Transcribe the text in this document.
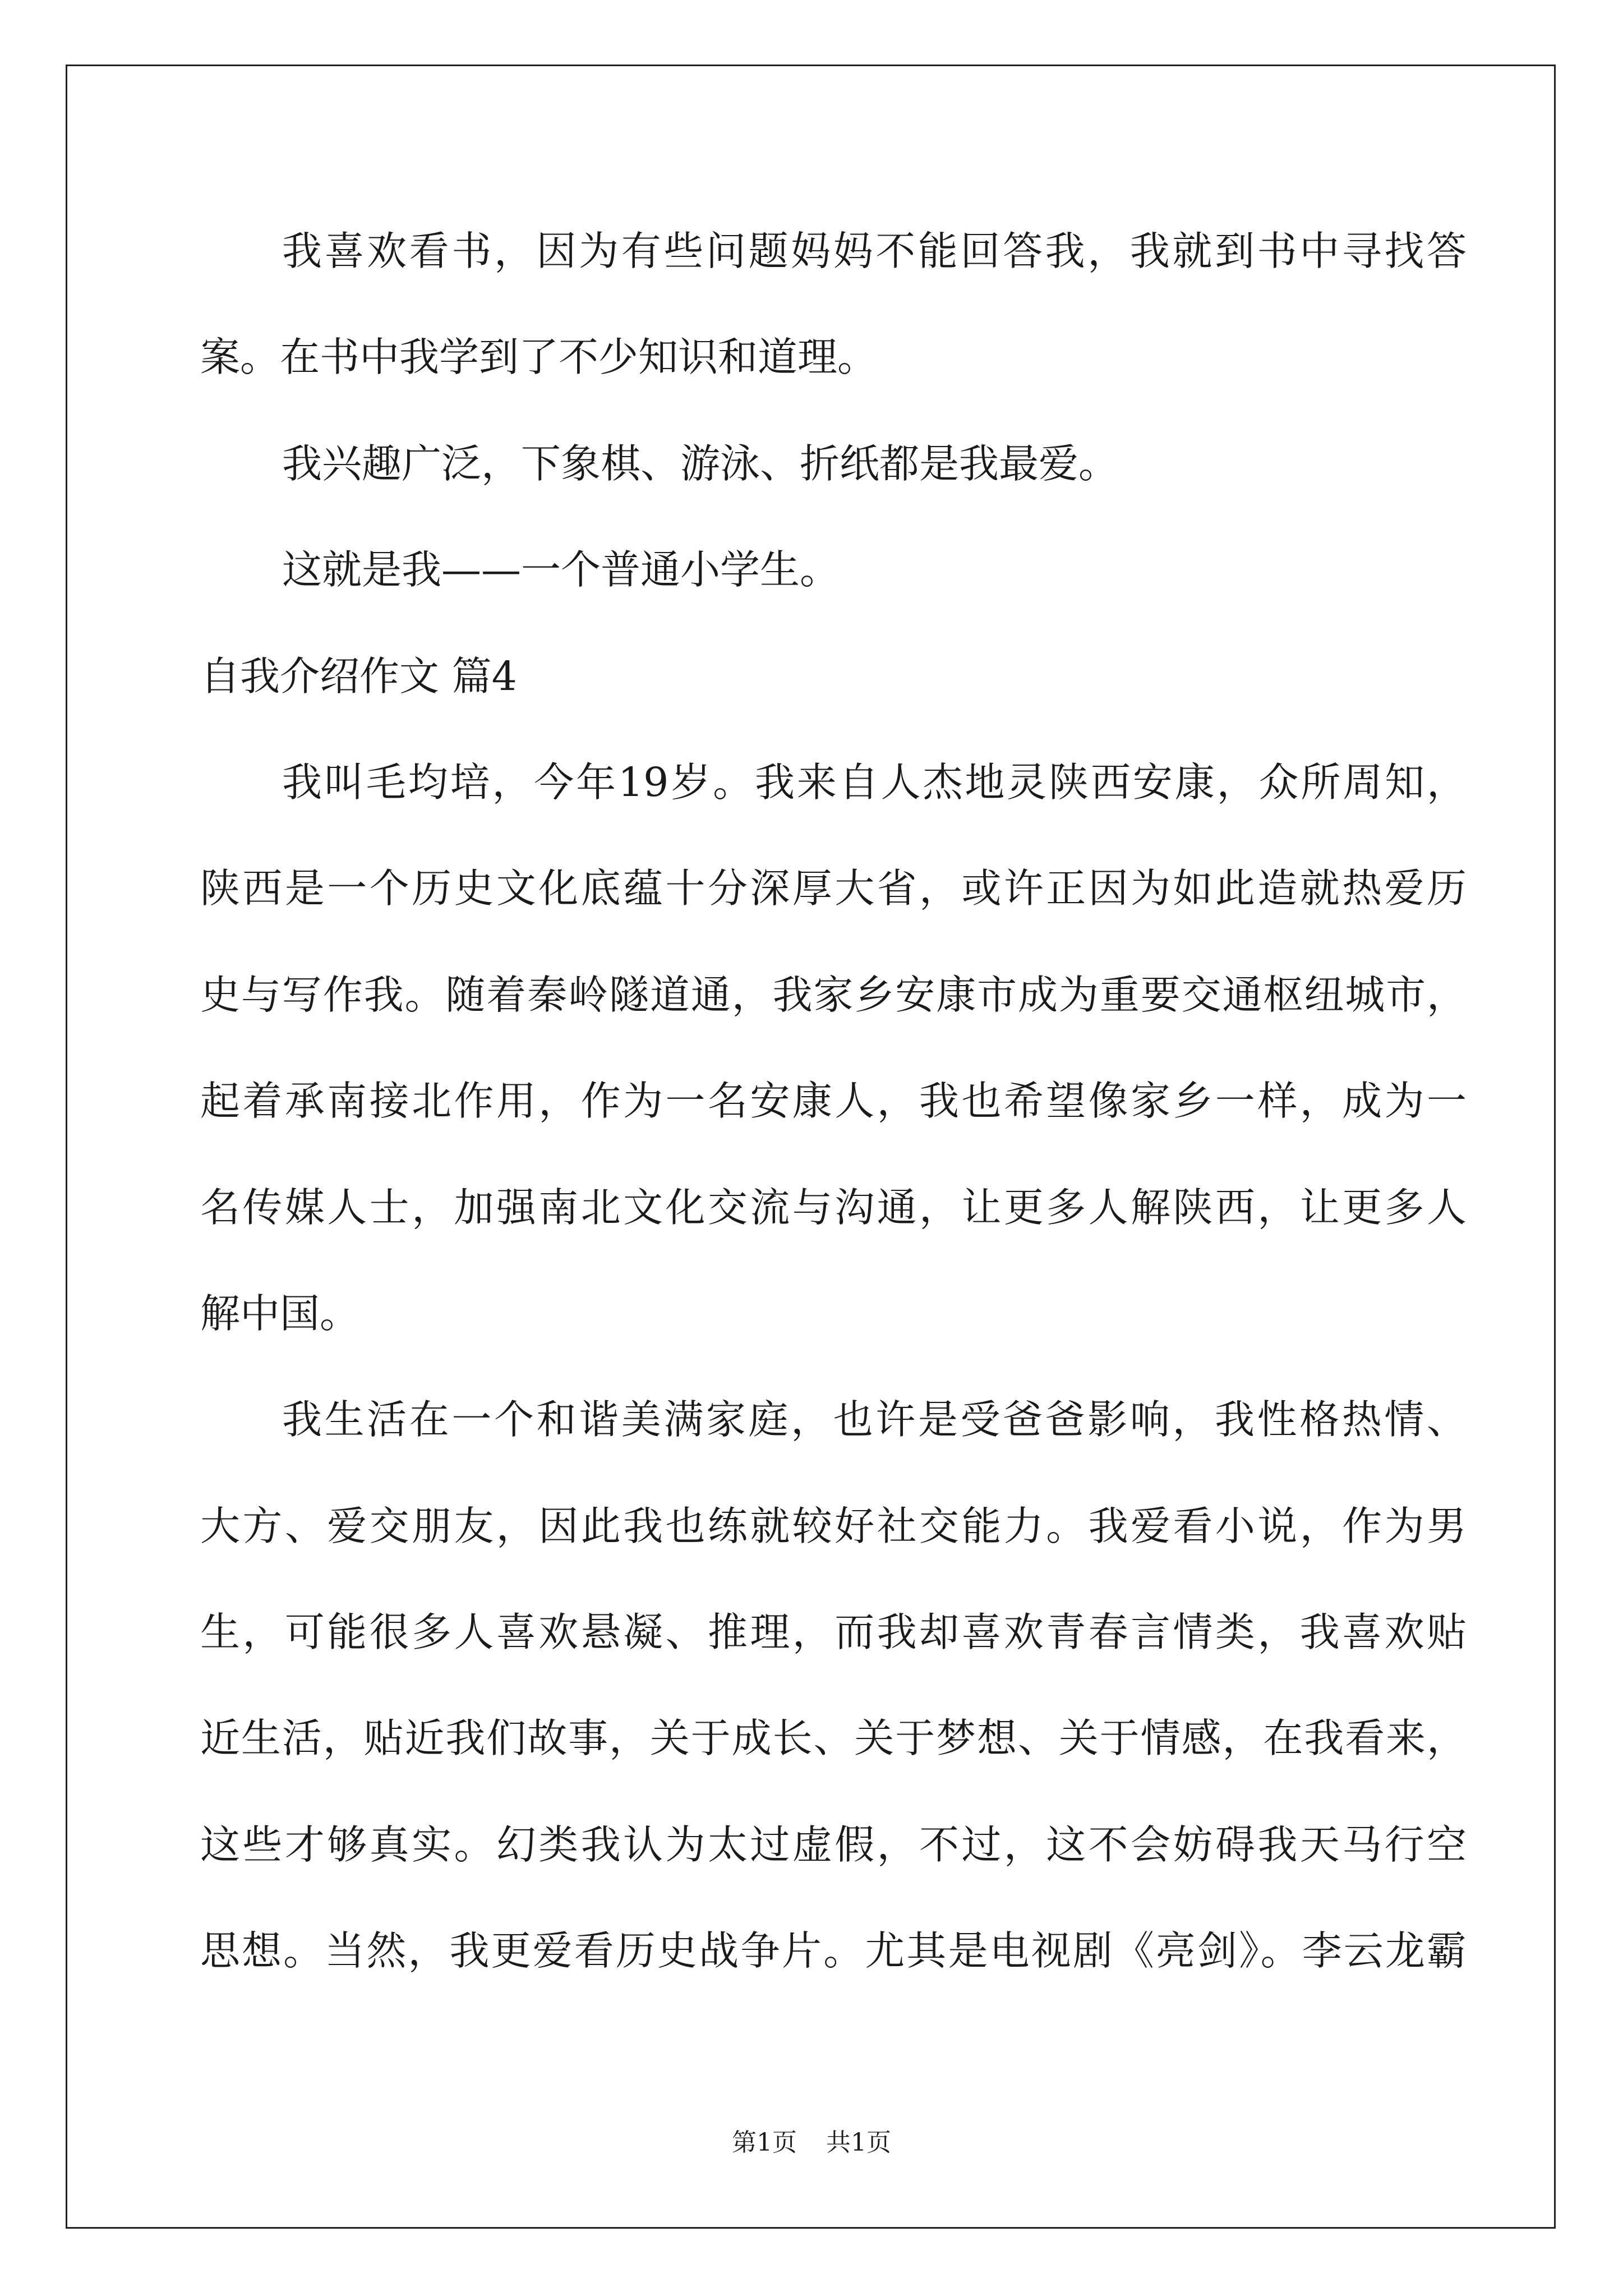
我喜欢看书，因为有些问题妈妈不能回答我，我就到书中寻找答
案。在书中我学到了不少知识和道理。
我兴趣广泛，下象棋、游泳、折纸都是我最爱。
这就是我——一个普通小学生。
自我介绍作文 篇4
我叫毛均培，今年19岁。我来自人杰地灵陕西安康，众所周知，
陕西是一个历史文化底蕴十分深厚大省，或许正因为如此造就热爱历
史与写作我。随着秦岭隧道通，我家乡安康市成为重要交通枢纽城市，
起着承南接北作用，作为一名安康人，我也希望像家乡一样，成为一
名传媒人士，加强南北文化交流与沟通，让更多人解陕西，让更多人
解中国。
我生活在一个和谐美满家庭，也许是受爸爸影响，我性格热情、
大方、爱交朋友，因此我也练就较好社交能力。我爱看小说，作为男
生，可能很多人喜欢悬凝、推理，而我却喜欢青春言情类，我喜欢贴
近生活，贴近我们故事，关于成长、关于梦想、关于情感，在我看来，
这些才够真实。幻类我认为太过虚假，不过，这不会妨碍我天马行空
思想。当然，我更爱看历史战争片。尤其是电视剧《亮剑》。李云龙霸
第1页 共1页
